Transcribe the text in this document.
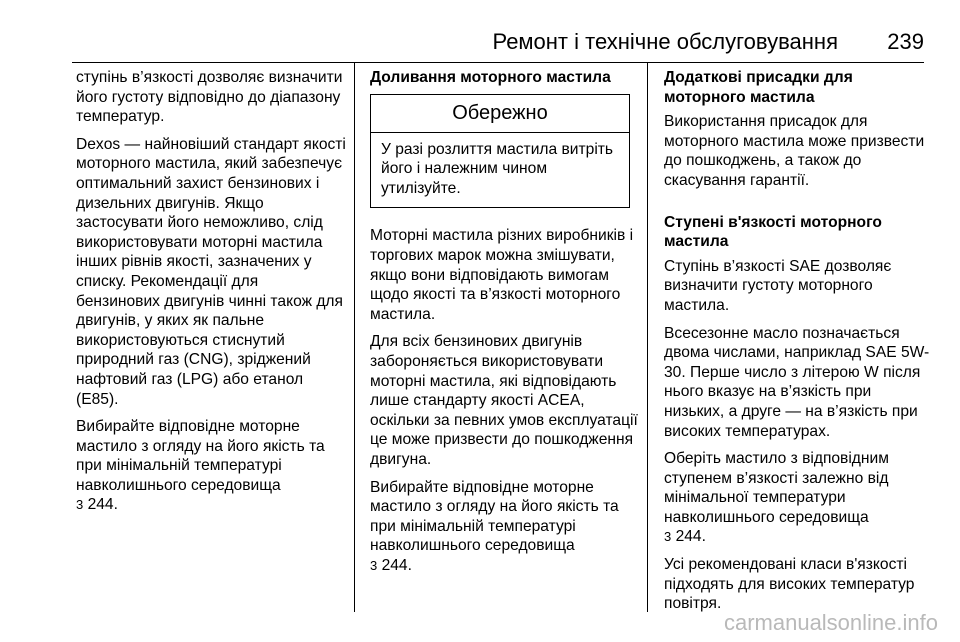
Ремонт і технічне обслуговування 239

ступінь в’язкості дозволяє визначити його густоту відповідно до діапазону температур.

Dexos — найновіший стандарт якості моторного мастила, який забезпечує оптимальний захист бензинових і дизельних двигунів. Якщо застосувати його неможливо, слід використовувати моторні мастила інших рівнів якості, зазначених у списку. Рекомендації для бензинових двигунів чинні також для двигунів, у яких як пальне використовуються стиснутий природний газ (CNG), зріджений нафтовий газ (LPG) або етанол (E85).

Вибирайте відповідне моторне мастило з огляду на його якість та при мінімальній температурі навколишнього середовища
3 244.

Доливання моторного мастила
Обережно
У разі розлиття мастила витріть його і належним чином утилізуйте.

Моторні мастила різних виробників і торгових марок можна змішувати, якщо вони відповідають вимогам щодо якості та в’язкості моторного мастила.

Для всіх бензинових двигунів забороняється використовувати моторні мастила, які відповідають лише стандарту якості ACEA, оскільки за певних умов експлуатації це може призвести до пошкодження двигуна.

Вибирайте відповідне моторне мастило з огляду на його якість та при мінімальній температурі навколишнього середовища
3 244.

Додаткові присадки для моторного мастила

Використання присадок для моторного мастила може призвести до пошкоджень, а також до скасування гарантії.

Ступені в'язкості моторного мастила

Ступінь в’язкості SAE дозволяє визначити густоту моторного мастила.

Всесезонне масло позначається двома числами, наприклад SAE 5W-30. Перше число з літерою W після нього вказує на в’язкість при низьких, а друге — на в’язкість при високих температурах.

Оберіть мастило з відповідним ступенем в’язкості залежно від мінімальної температури навколишнього середовища
3 244.

Усі рекомендовані класи в'язкості підходять для високих температур повітря.

carmanualsonline.info
